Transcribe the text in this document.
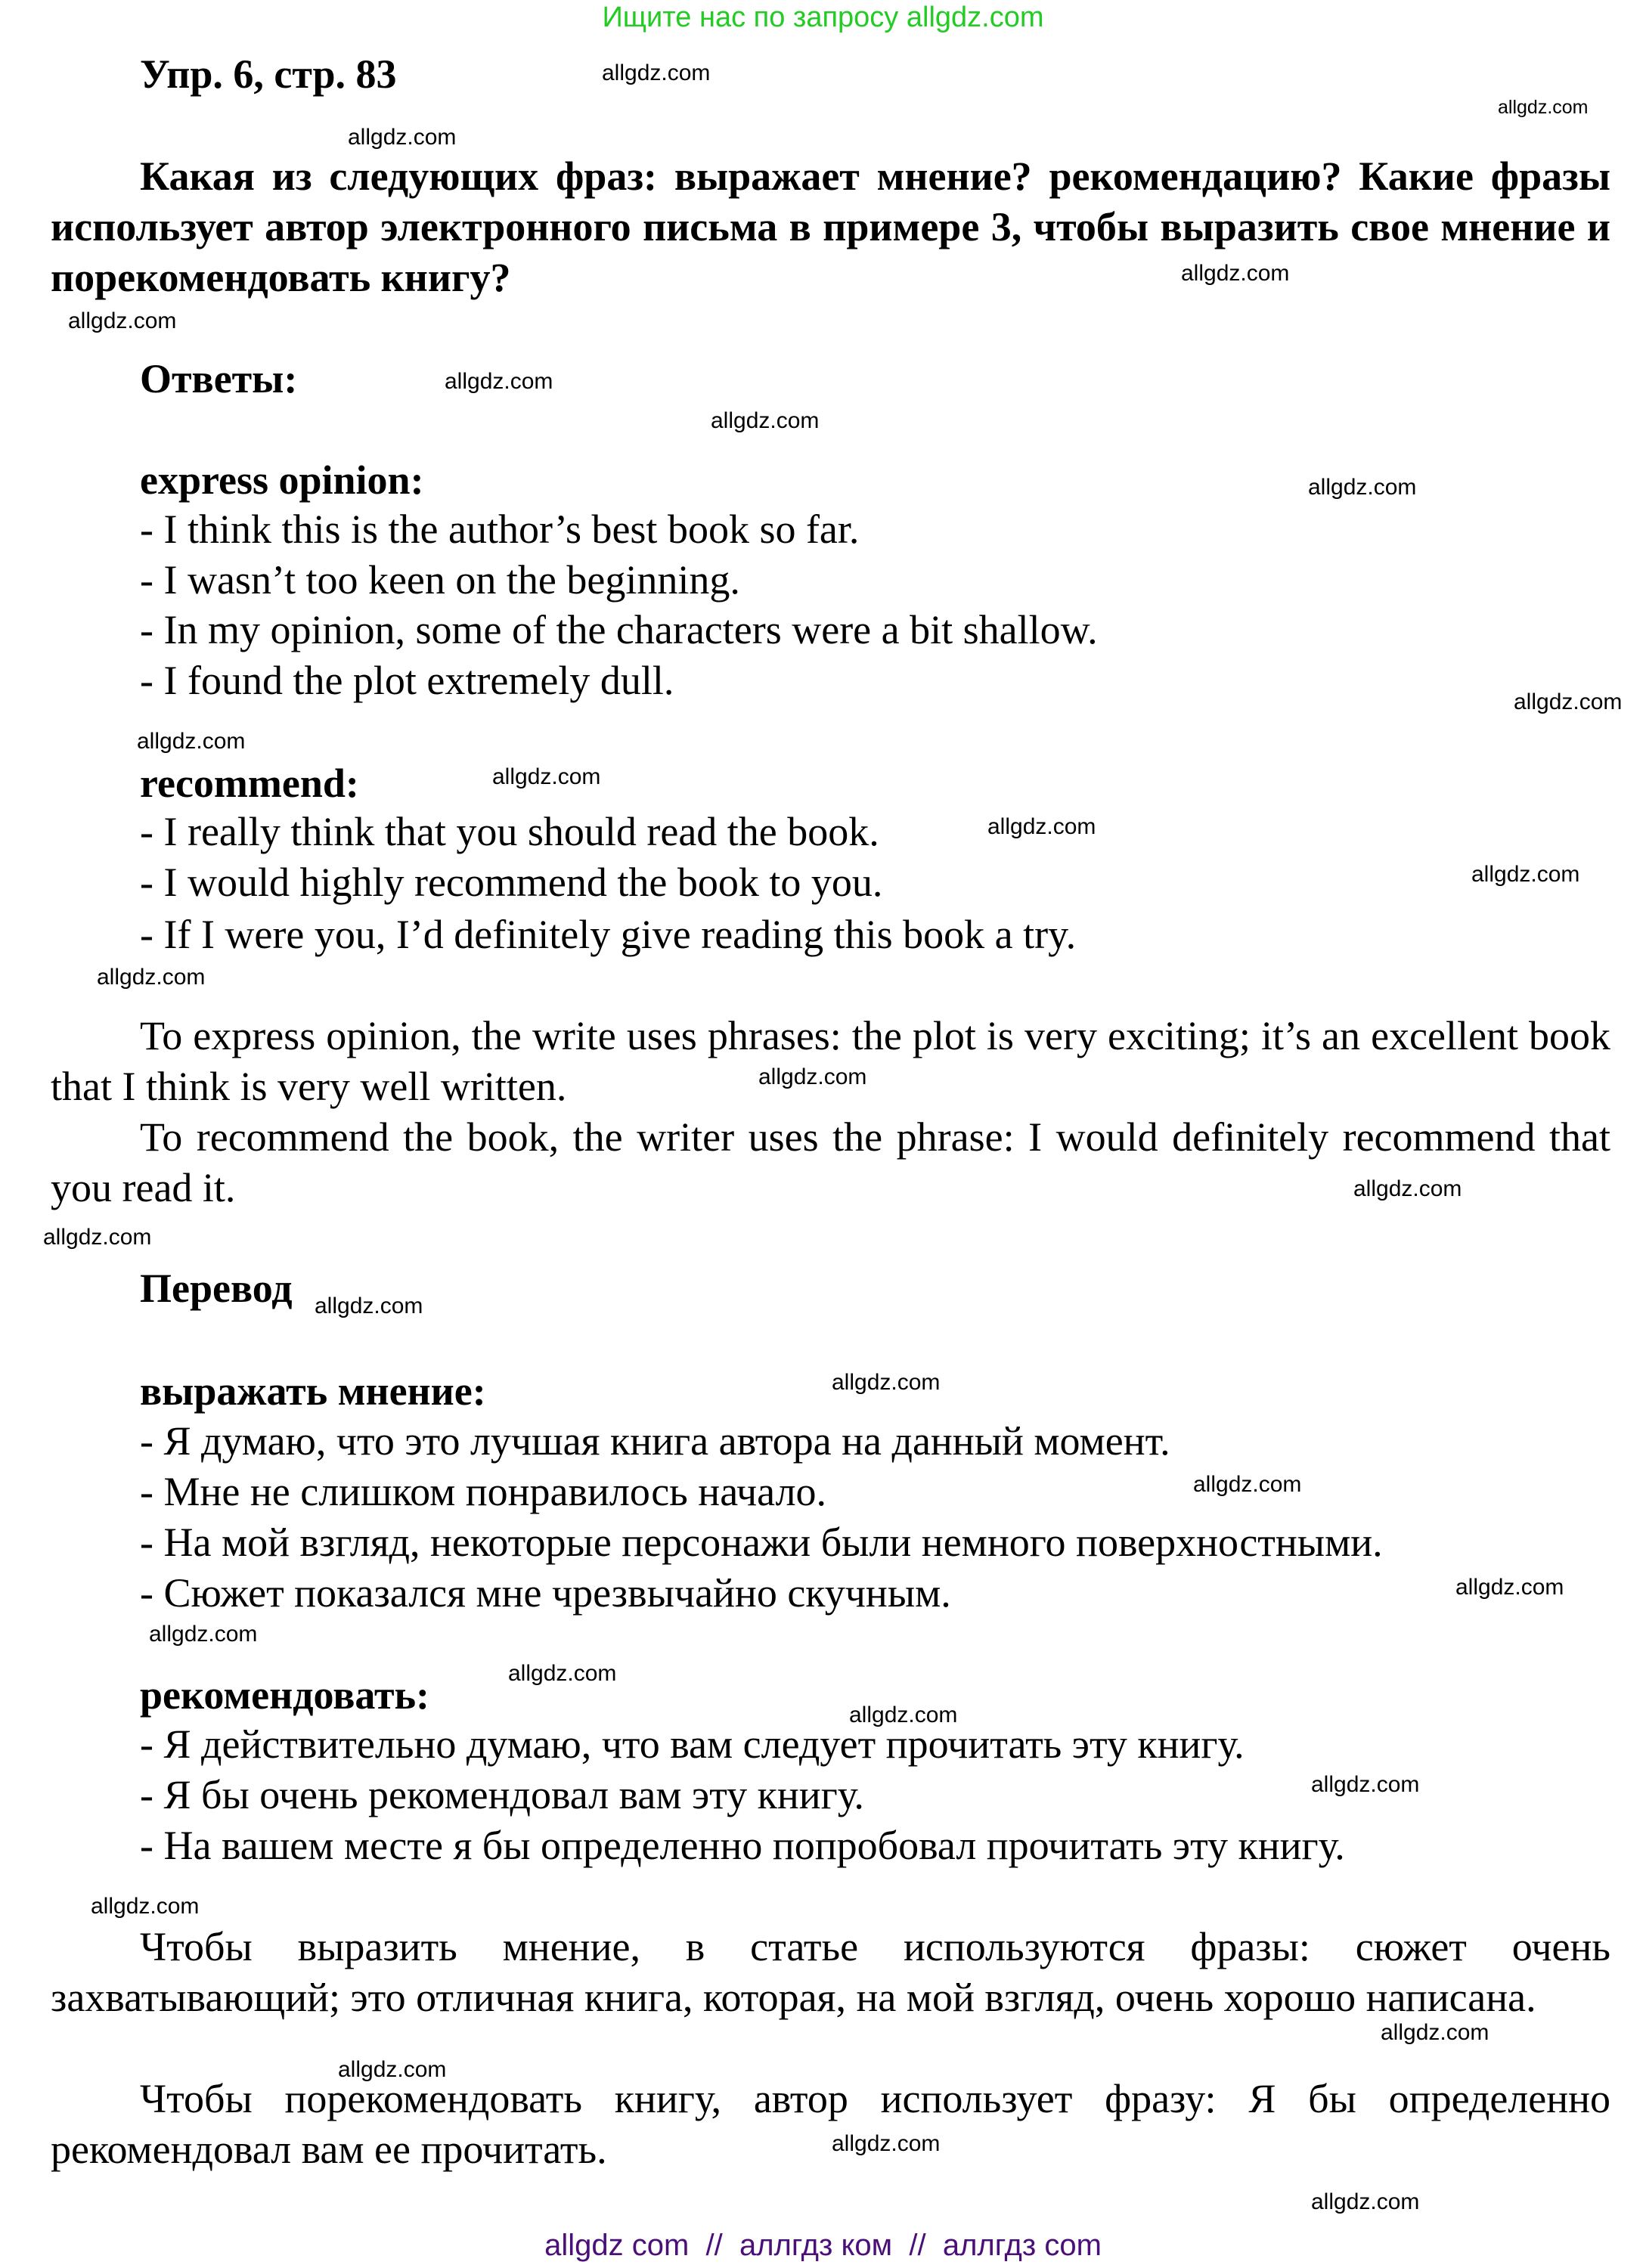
Ищите нас по запросу allgdz.com
Упр. 6, стр. 83
Какая из следующих фраз: выражает мнение? рекомендацию? Какие фразы использует автор электронного письма в примере 3, чтобы выразить свое мнение и порекомендовать книгу?
Ответы:
express opinion:
- I think this is the author’s best book so far.
- I wasn’t too keen on the beginning.
- In my opinion, some of the characters were a bit shallow.
- I found the plot extremely dull.
recommend:
- I really think that you should read the book.
- I would highly recommend the book to you.
- If I were you, I’d definitely give reading this book a try.
To express opinion, the write uses phrases: the plot is very exciting; it’s an excellent book that I think is very well written.
To recommend the book, the writer uses the phrase: I would definitely recommend that you read it.
Перевод
выражать мнение:
- Я думаю, что это лучшая книга автора на данный момент.
- Мне не слишком понравилось начало.
- На мой взгляд, некоторые персонажи были немного поверхностными.
- Сюжет показался мне чрезвычайно скучным.
рекомендовать:
- Я действительно думаю, что вам следует прочитать эту книгу.
- Я бы очень рекомендовал вам эту книгу.
- На вашем месте я бы определенно попробовал прочитать эту книгу.
Чтобы выразить мнение, в статье используются фразы: сюжет очень захватывающий; это отличная книга, которая, на мой взгляд, очень хорошо написана.
Чтобы порекомендовать книгу, автор использует фразу: Я бы определенно рекомендовал вам ее прочитать.
allgdz.com
allgdz.com
allgdz.com
allgdz.com
allgdz.com
allgdz.com
allgdz.com
allgdz.com
allgdz.com
allgdz.com
allgdz.com
allgdz.com
allgdz.com
allgdz.com
allgdz.com
allgdz.com
allgdz.com
allgdz.com
allgdz.com
allgdz.com
allgdz.com
allgdz.com
allgdz.com
allgdz.com
allgdz.com
allgdz.com
allgdz.com
allgdz.com
allgdz.com
allgdz.com
allgdz com  //  аллгдз ком  //  аллгдз com
